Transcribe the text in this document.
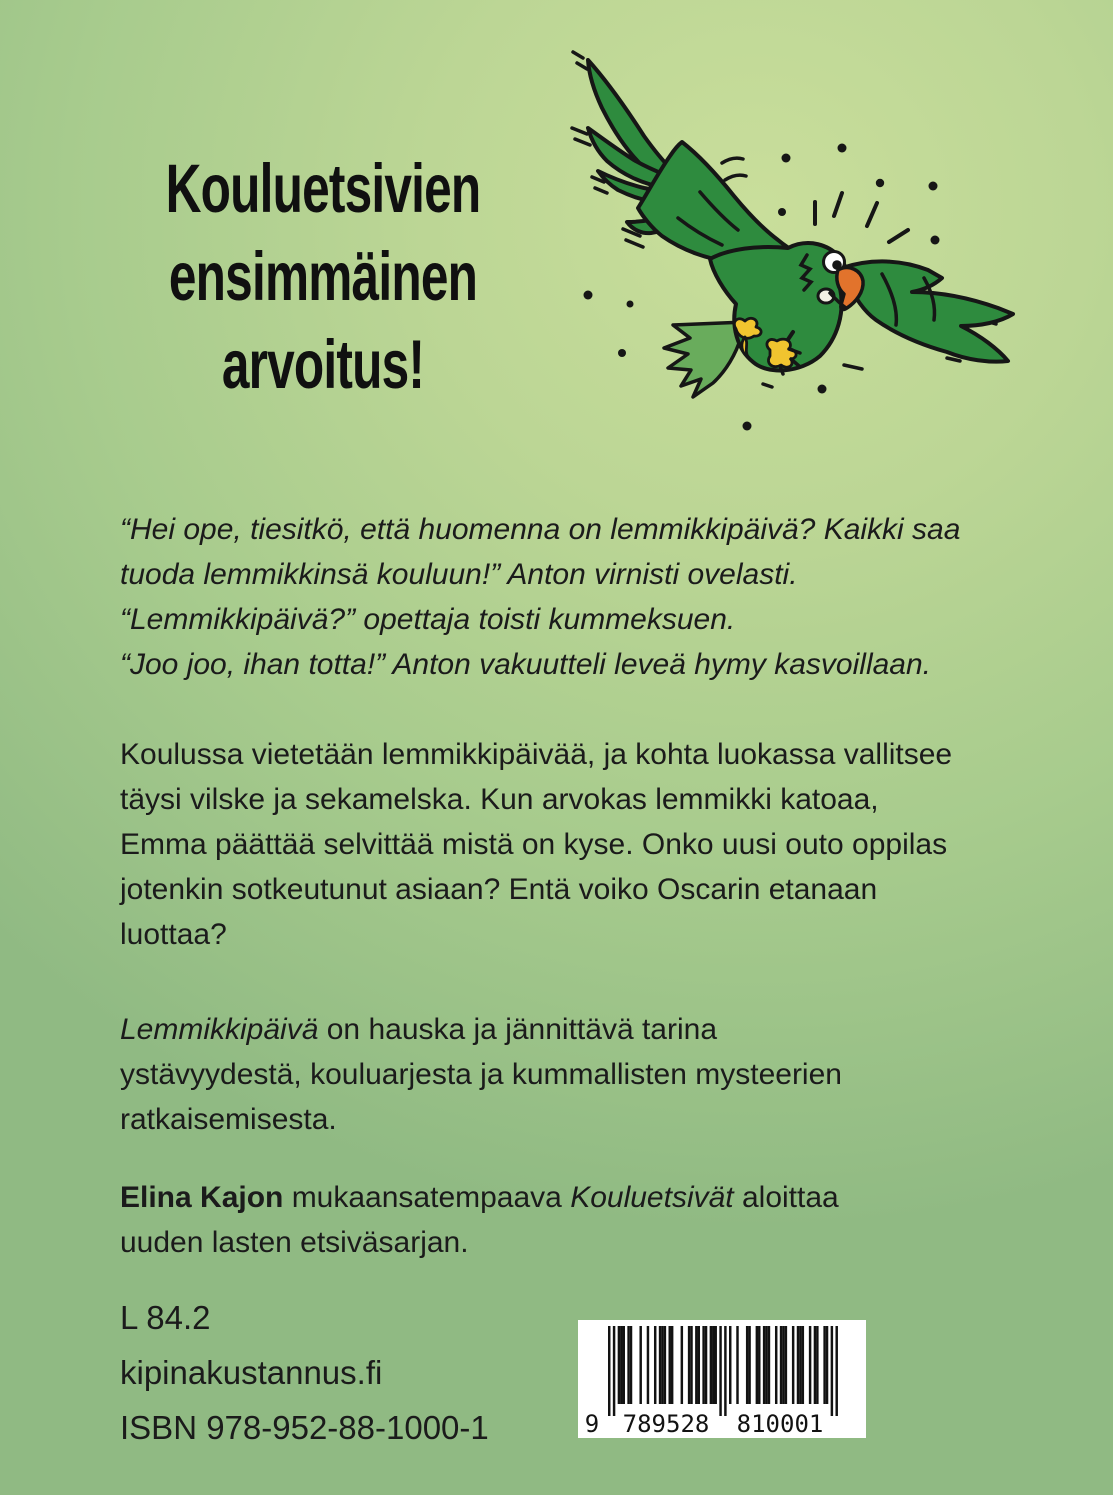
Kouluetsivien
ensimmäinen
arvoitus!
“Hei ope, tiesitkö, että huomenna on lemmikkipäivä? Kaikki saa
tuoda lemmikkinsä kouluun!” Anton virnisti ovelasti.
“Lemmikkipäivä?” opettaja toisti kummeksuen.
“Joo joo, ihan totta!” Anton vakuutteli leveä hymy kasvoillaan.
Koulussa vietetään lemmikkipäivää, ja kohta luokassa vallitsee
täysi vilske ja sekamelska. Kun arvokas lemmikki katoaa,
Emma päättää selvittää mistä on kyse. Onko uusi outo oppilas
jotenkin sotkeutunut asiaan? Entä voiko Oscarin etanaan
luottaa?
Lemmikkipäivä on hauska ja jännittävä tarina
ystävyydestä, kouluarjesta ja kummallisten mysteerien
ratkaisemisesta.
Elina Kajon mukaansatempaava Kouluetsivät aloittaa
uuden lasten etsiväsarjan.
L 84.2
kipinakustannus.fi
ISBN 978-952-88-1000-1	9 789528 810001
